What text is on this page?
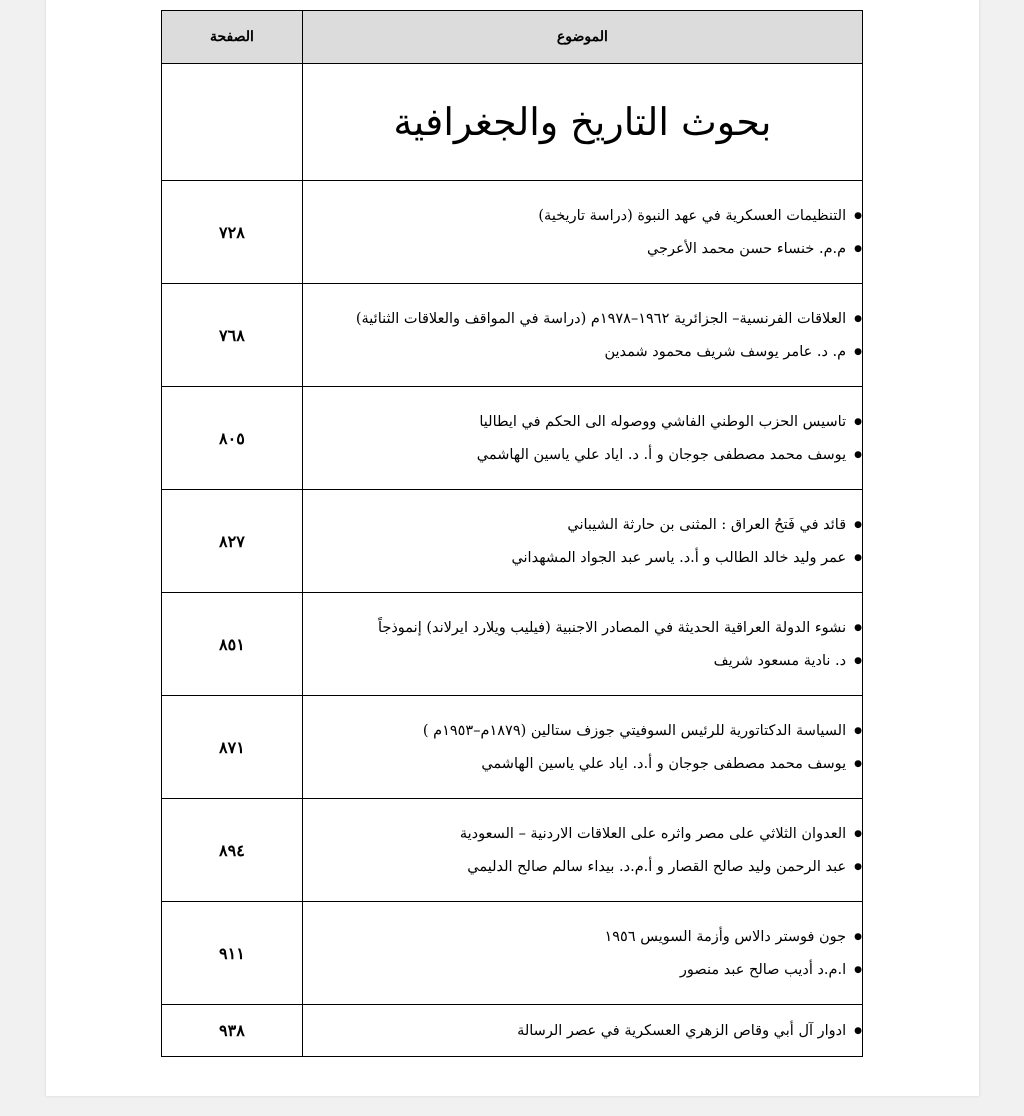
الموضوع	الصفحة
بحوث التاريخ والجغرافية	

●
التنظيمات العسكرية في عهد النبوة (دراسة تاريخية)
●
م.م. خنساء حسن محمد الأعرجي	٧٢٨

●
العلاقات الفرنسية– الجزائرية ١٩٦٢–١٩٧٨م (دراسة في المواقف والعلاقات الثنائية)
●
م. د. عامر يوسف شريف محمود شمدين	٧٦٨

●
تاسيس الحزب الوطني الفاشي ووصوله الى الحكم في ايطاليا
●
يوسف محمد مصطفى جوجان و أ. د. اياد علي ياسين الهاشمي	٨٠٥

●
قائد في فَتحُ العراق : المثنى بن حارثة الشيباني
●
عمر وليد خالد الطالب و أ.د. ياسر عبد الجواد المشهداني	٨٢٧

●
نشوء الدولة العراقية الحديثة في المصادر الاجنبية (فيليب ويلارد ايرلاند) إنموذجاً
●
د. نادية مسعود شريف	٨٥١

●
السياسة الدكتاتورية للرئيس السوفيتي جوزف ستالين (١٨٧٩م–١٩٥٣م )
●
يوسف محمد مصطفى جوجان و أ.د. اياد علي ياسين الهاشمي	٨٧١

●
العدوان الثلاثي على مصر واثره على العلاقات الاردنية – السعودية
●
عبد الرحمن وليد صالح القصار و أ.م.د. بيداء سالم صالح الدليمي	٨٩٤

●
جون فوستر دالاس وأزمة السويس ١٩٥٦
●
ا.م.د أديب صالح عبد منصور	٩١١

●
ادوار آل أبي وقاص الزهري العسكرية في عصر الرسالة	٩٣٨
